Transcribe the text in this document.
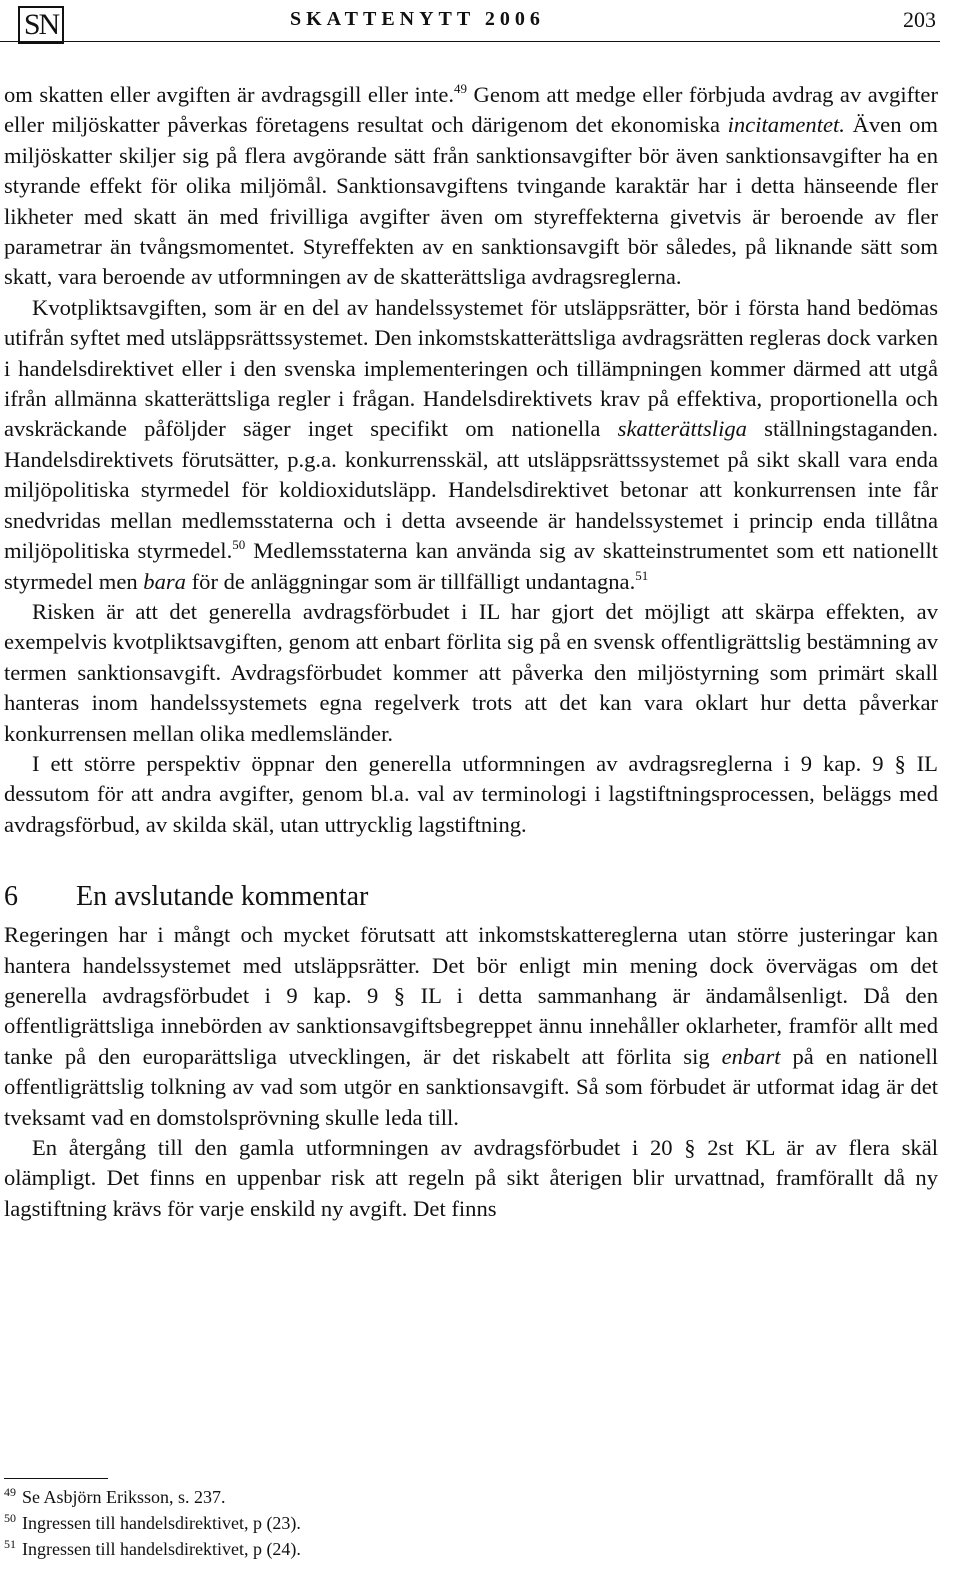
SN	SKATTENYTT 2006	203

om skatten eller avgiften är avdragsgill eller inte.$^{49}$ Genom att medge eller förbjuda avdrag av avgifter eller miljöskatter påverkas företagens resultat och därigenom det ekonomiska incitamentet. Även om miljöskatter skiljer sig på flera avgörande sätt från sanktionsavgifter bör även sanktionsavgifter ha en styrande effekt för olika miljömål. Sanktionsavgiftens tvingande karaktär har i detta hänseende fler likheter med skatt än med frivilliga avgifter även om styreffekterna givetvis är beroende av fler parametrar än tvångsmomentet. Styreffekten av en sanktionsavgift bör således, på liknande sätt som skatt, vara beroende av utformningen av de skatterättsliga avdragsreglerna.

Kvotpliktsavgiften, som är en del av handelssystemet för utsläppsrätter, bör i första hand bedömas utifrån syftet med utsläppsrättssystemet. Den inkomstskatterättsliga avdragsrätten regleras dock varken i handelsdirektivet eller i den svenska implementeringen och tillämpningen kommer därmed att utgå ifrån allmänna skatterättsliga regler i frågan. Handelsdirektivets krav på effektiva, proportionella och avskräckande påföljder säger inget specifikt om nationella skatterättsliga ställningstaganden. Handelsdirektivets förutsätter, p.g.a. konkurrensskäl, att utsläppsrättssystemet på sikt skall vara enda miljöpolitiska styrmedel för koldioxidutsläpp. Handelsdirektivet betonar att konkurrensen inte får snedvridas mellan medlemsstaterna och i detta avseende är handelssystemet i princip enda tillåtna miljöpolitiska styrmedel.$^{50}$ Medlemsstaterna kan använda sig av skatteinstrumentet som ett nationellt styrmedel men bara för de anläggningar som är tillfälligt undantagna.$^{51}$

Risken är att det generella avdragsförbudet i IL har gjort det möjligt att skärpa effekten, av exempelvis kvotpliktsavgiften, genom att enbart förlita sig på en svensk offentligrättslig bestämning av termen sanktionsavgift. Avdragsförbudet kommer att påverka den miljöstyrning som primärt skall hanteras inom handelssystemets egna regelverk trots att det kan vara oklart hur detta påverkar konkurrensen mellan olika medlemsländer.

I ett större perspektiv öppnar den generella utformningen av avdragsreglerna i 9 kap. 9 § IL dessutom för att andra avgifter, genom bl.a. val av terminologi i lagstiftningsprocessen, beläggs med avdragsförbud, av skilda skäl, utan uttrycklig lagstiftning.

6 En avslutande kommentar

Regeringen har i mångt och mycket förutsatt att inkomstskattereglerna utan större justeringar kan hantera handelssystemet med utsläppsrätter. Det bör enligt min mening dock övervägas om det generella avdragsförbudet i 9 kap. 9 § IL i detta sammanhang är ändamålsenligt. Då den offentligrättsliga innebörden av sanktionsavgiftsbegreppet ännu innehåller oklarheter, framför allt med tanke på den europarättsliga utvecklingen, är det riskabelt att förlita sig enbart på en nationell offentligrättslig tolkning av vad som utgör en sanktionsavgift. Så som förbudet är utformat idag är det tveksamt vad en domstolsprövning skulle leda till.

En återgång till den gamla utformningen av avdragsförbudet i 20 § 2st KL är av flera skäl olämpligt. Det finns en uppenbar risk att regeln på sikt återigen blir urvattnad, framförallt då ny lagstiftning krävs för varje enskild ny avgift. Det finns

$^{49}$ Se Asbjörn Eriksson, s. 237.
$^{50}$ Ingressen till handelsdirektivet, p (23).
$^{51}$ Ingressen till handelsdirektivet, p (24).
